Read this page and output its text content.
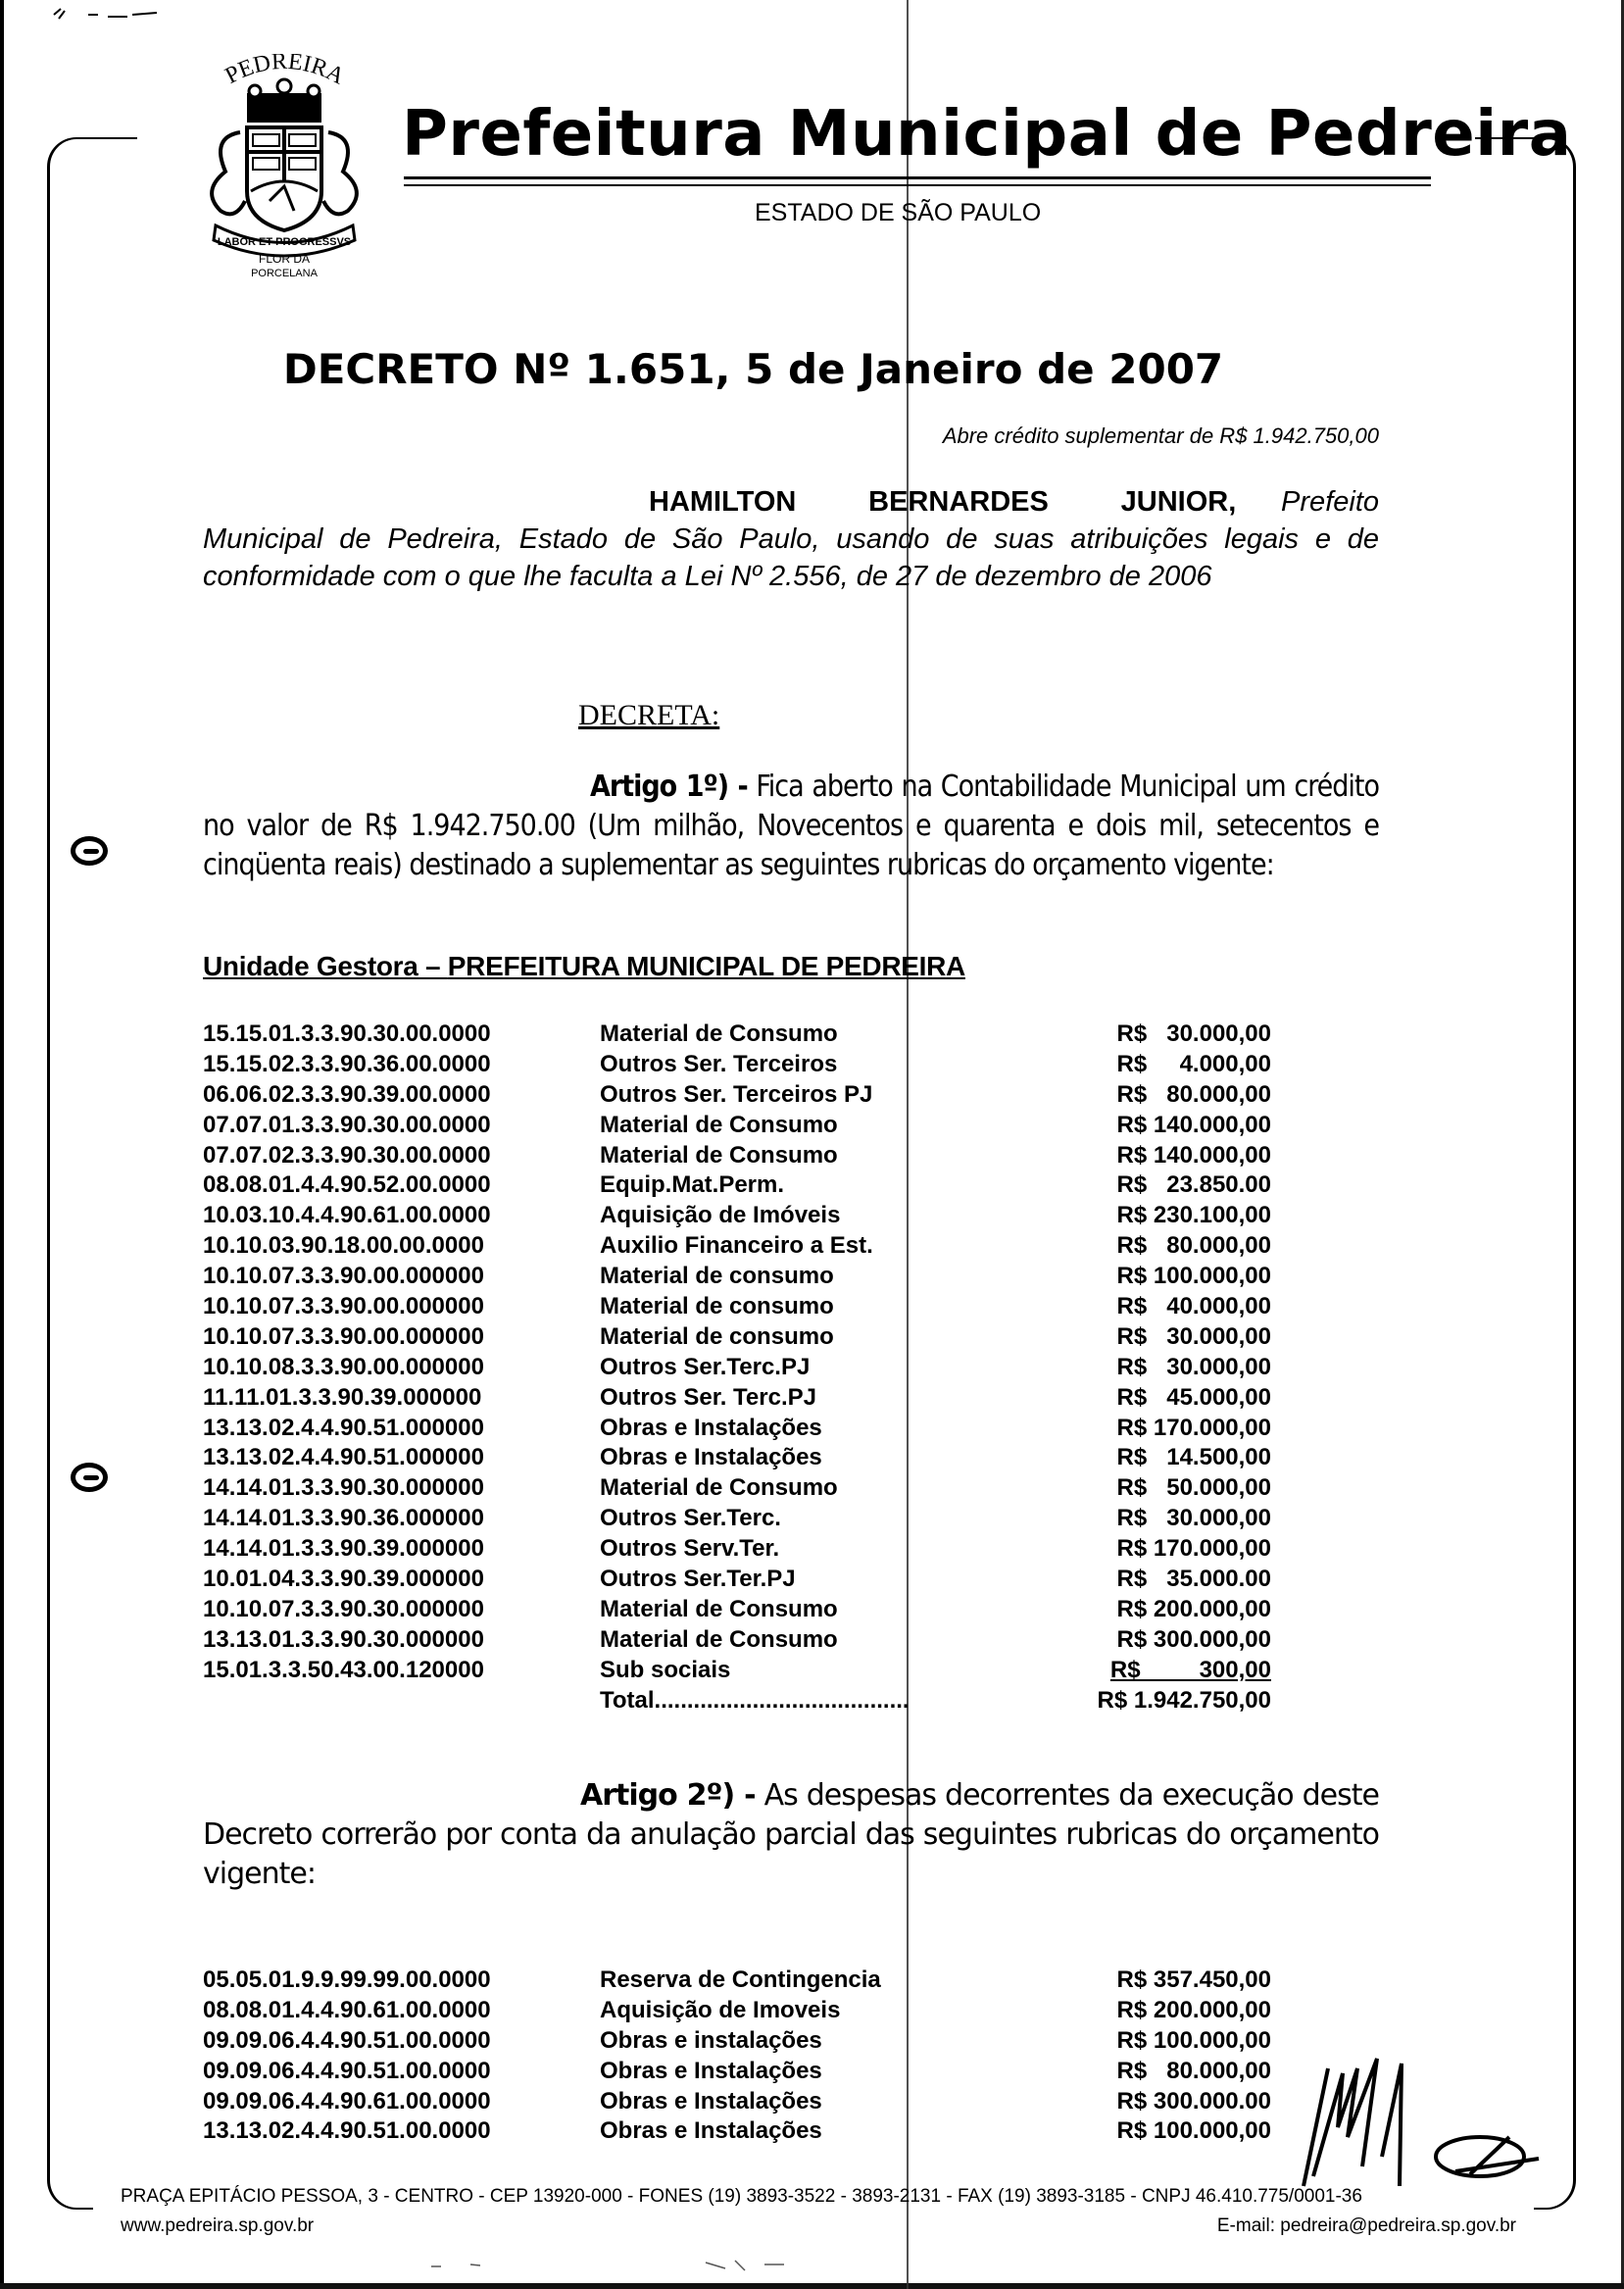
PEDREIRA
LABOR ET PROGRESSVS
FLOR DA
PORCELANA
Prefeitura Municipal de Pedreira
ESTADO DE SÃO PAULO
DECRETO Nº 1.651, 5 de Janeiro de 2007
Abre crédito suplementar de R$ 1.942.750,00
HAMILTON BERNARDES JUNIOR, Prefeito Municipal de Pedreira, Estado de São Paulo, usando de suas atribuições legais e de conformidade com o que lhe faculta a Lei Nº 2.556, de 27 de dezembro de 2006
DECRETA:
Artigo 1º) - Fica aberto na Contabilidade Municipal um crédito no valor de R$ 1.942.750.00 (Um milhão, Novecentos e quarenta e dois mil, setecentos e cinqüenta reais) destinado a suplementar as seguintes rubricas do orçamento vigente:
Unidade Gestora – PREFEITURA MUNICIPAL DE PEDREIRA
15.15.01.3.3.90.30.00.0000	Material de Consumo	R$   30.000,00
15.15.02.3.3.90.36.00.0000	Outros Ser. Terceiros	R$     4.000,00
06.06.02.3.3.90.39.00.0000	Outros Ser. Terceiros PJ	R$   80.000,00
07.07.01.3.3.90.30.00.0000	Material de Consumo	R$ 140.000,00
07.07.02.3.3.90.30.00.0000	Material de Consumo	R$ 140.000,00
08.08.01.4.4.90.52.00.0000	Equip.Mat.Perm.	R$   23.850.00
10.03.10.4.4.90.61.00.0000	Aquisição de Imóveis	R$ 230.100,00
10.10.03.90.18.00.00.0000	Auxilio Financeiro a Est.	R$   80.000,00
10.10.07.3.3.90.00.000000	Material de consumo	R$ 100.000,00
10.10.07.3.3.90.00.000000	Material de consumo	R$   40.000,00
10.10.07.3.3.90.00.000000	Material de consumo	R$   30.000,00
10.10.08.3.3.90.00.000000	Outros Ser.Terc.PJ	R$   30.000,00
11.11.01.3.3.90.39.000000	Outros Ser. Terc.PJ	R$   45.000,00
13.13.02.4.4.90.51.000000	Obras e Instalações	R$ 170.000,00
13.13.02.4.4.90.51.000000	Obras e Instalações	R$   14.500,00
14.14.01.3.3.90.30.000000	Material de Consumo	R$   50.000,00
14.14.01.3.3.90.36.000000	Outros Ser.Terc.	R$   30.000,00
14.14.01.3.3.90.39.000000	Outros Serv.Ter.	R$ 170.000,00
10.01.04.3.3.90.39.000000	Outros Ser.Ter.PJ	R$   35.000.00
10.10.07.3.3.90.30.000000	Material de Consumo	R$ 200.000,00
13.13.01.3.3.90.30.000000	Material de Consumo	R$ 300.000,00
15.01.3.3.50.43.00.120000	Sub sociais	R$         300,00
Total.......................................	R$ 1.942.750,00
Artigo 2º) - As despesas decorrentes da execução deste Decreto correrão por conta da anulação parcial das seguintes rubricas do orçamento vigente:
05.05.01.9.9.99.99.00.0000	Reserva de Contingencia	R$ 357.450,00
08.08.01.4.4.90.61.00.0000	Aquisição de Imoveis	R$ 200.000,00
09.09.06.4.4.90.51.00.0000	Obras e instalações	R$ 100.000,00
09.09.06.4.4.90.51.00.0000	Obras e Instalações	R$   80.000,00
09.09.06.4.4.90.61.00.0000	Obras e Instalações	R$ 300.000.00
13.13.02.4.4.90.51.00.0000	Obras e Instalações	R$ 100.000,00
PRAÇA EPITÁCIO PESSOA, 3 - CENTRO - CEP 13920-000 - FONES (19) 3893-3522 - 3893-2131 - FAX (19) 3893-3185 - CNPJ 46.410.775/0001-36
www.pedreira.sp.gov.br	E-mail: pedreira@pedreira.sp.gov.br
